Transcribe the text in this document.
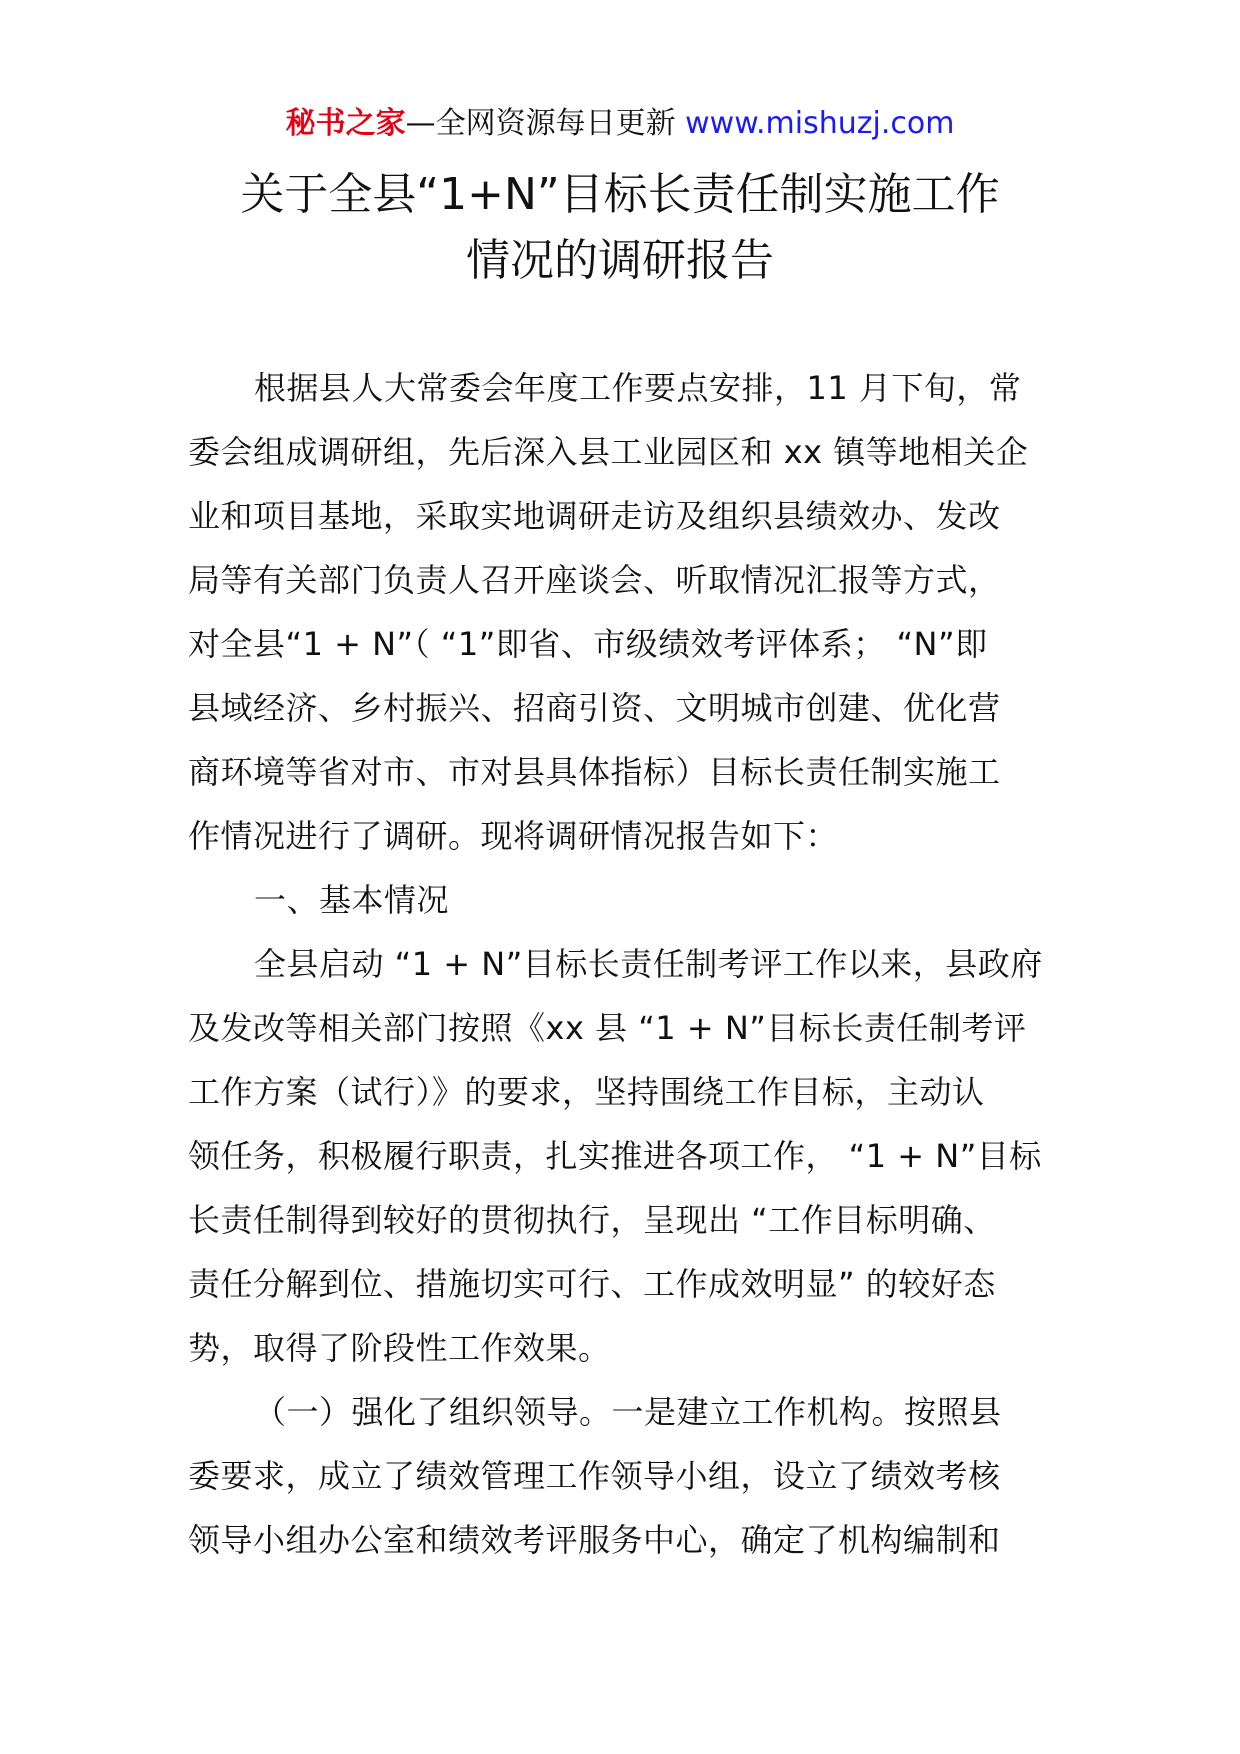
秘书之家—全网资源每日更新 www.mishuzj.com
关于全县“1+N”目标长责任制实施工作
情况的调研报告
根据县人大常委会年度工作要点安排，11 月下旬，常
委会组成调研组，先后深入县工业园区和 xx 镇等地相关企
业和项目基地，采取实地调研走访及组织县绩效办、发改
局等有关部门负责人召开座谈会、听取情况汇报等方式，
对全县“1 + N”（ “1”即省、市级绩效考评体系； “N”即
县域经济、乡村振兴、招商引资、文明城市创建、优化营
商环境等省对市、市对县具体指标）目标长责任制实施工
作情况进行了调研。现将调研情况报告如下：
一、基本情况
全县启动 “1 + N”目标长责任制考评工作以来，县政府
及发改等相关部门按照《xx 县 “1 + N”目标长责任制考评
工作方案（试行）》的要求，坚持围绕工作目标，主动认
领任务，积极履行职责，扎实推进各项工作， “1 + N”目标
长责任制得到较好的贯彻执行，呈现出 “工作目标明确、
责任分解到位、措施切实可行、工作成效明显” 的较好态
势，取得了阶段性工作效果。
（一）强化了组织领导。一是建立工作机构。按照县
委要求，成立了绩效管理工作领导小组，设立了绩效考核
领导小组办公室和绩效考评服务中心，确定了机构编制和
